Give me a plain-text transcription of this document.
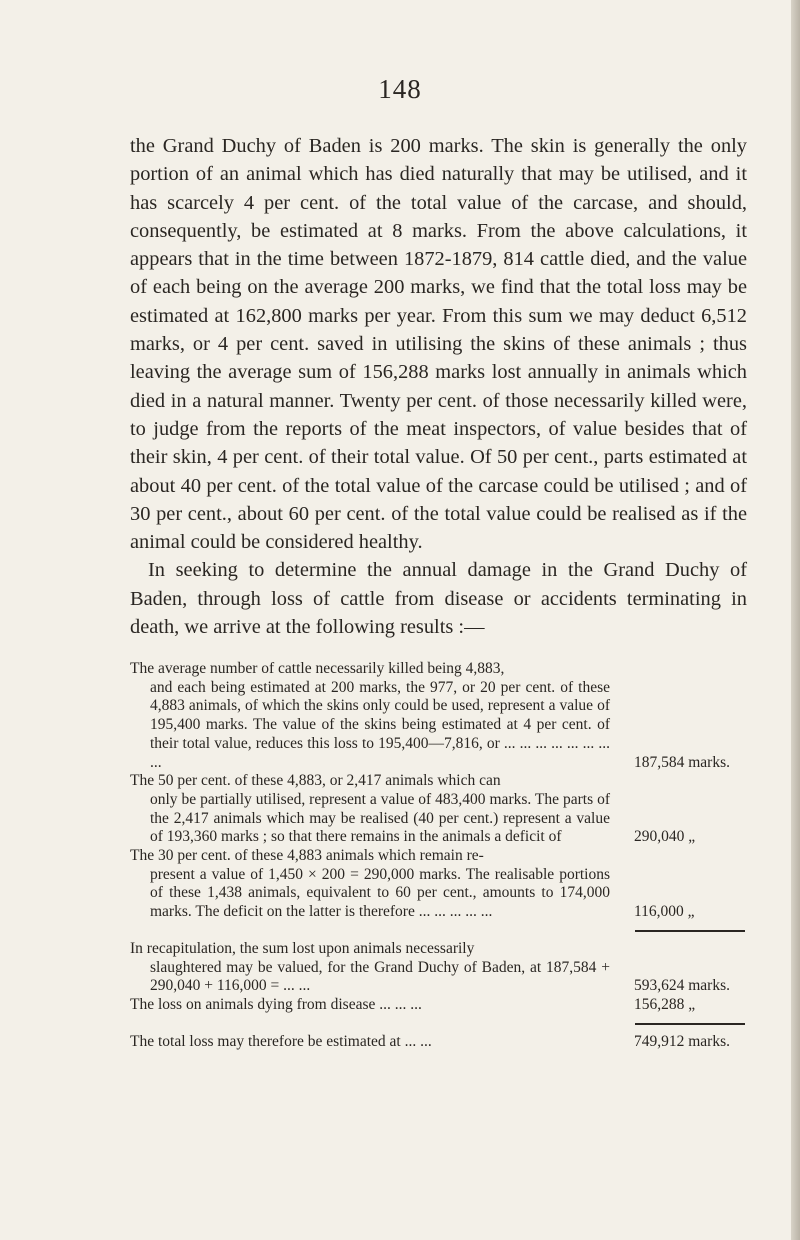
148

the Grand Duchy of Baden is 200 marks. The skin is generally the only portion of an animal which has died naturally that may be utilised, and it has scarcely 4 per cent. of the total value of the carcase, and should, consequently, be estimated at 8 marks. From the above calculations, it appears that in the time between 1872-1879, 814 cattle died, and the value of each being on the average 200 marks, we find that the total loss may be estimated at 162,800 marks per year. From this sum we may deduct 6,512 marks, or 4 per cent. saved in utilising the skins of these animals ; thus leaving the average sum of 156,288 marks lost annually in animals which died in a natural manner. Twenty per cent. of those necessarily killed were, to judge from the reports of the meat inspectors, of value besides that of their skin, 4 per cent. of their total value. Of 50 per cent., parts estimated at about 40 per cent. of the total value of the carcase could be utilised ; and of 30 per cent., about 60 per cent. of the total value could be realised as if the animal could be considered healthy.

In seeking to determine the annual damage in the Grand Duchy of Baden, through loss of cattle from disease or accidents terminating in death, we arrive at the following results :—

The average number of cattle necessarily killed being 4,883,
and each being estimated at 200 marks, the 977, or 20 per cent. of these 4,883 animals, of which the skins only could be used, represent a value of 195,400 marks. The value of the skins being estimated at 4 per cent. of their total value, reduces this loss to 195,400—7,816, or ... ... ... ... ... ... ... ...	187,584 marks.
The 50 per cent. of these 4,883, or 2,417 animals which can
only be partially utilised, represent a value of 483,400 marks. The parts of the 2,417 animals which may be realised (40 per cent.) represent a value of 193,360 marks ; so that there remains in the animals a deficit of	290,040 „
The 30 per cent. of these 4,883 animals which remain re-
present a value of 1,450 × 200 = 290,000 marks. The realisable portions of these 1,438 animals, equivalent to 60 per cent., amounts to 174,000 marks. The deficit on the latter is therefore ... ... ... ... ...	116,000 „
In recapitulation, the sum lost upon animals necessarily
slaughtered may be valued, for the Grand Duchy of Baden, at 187,584 + 290,040 + 116,000 = ... ...	593,624 marks.
The loss on animals dying from disease ... ... ...	156,288 „
The total loss may therefore be estimated at ... ...	749,912 marks.
